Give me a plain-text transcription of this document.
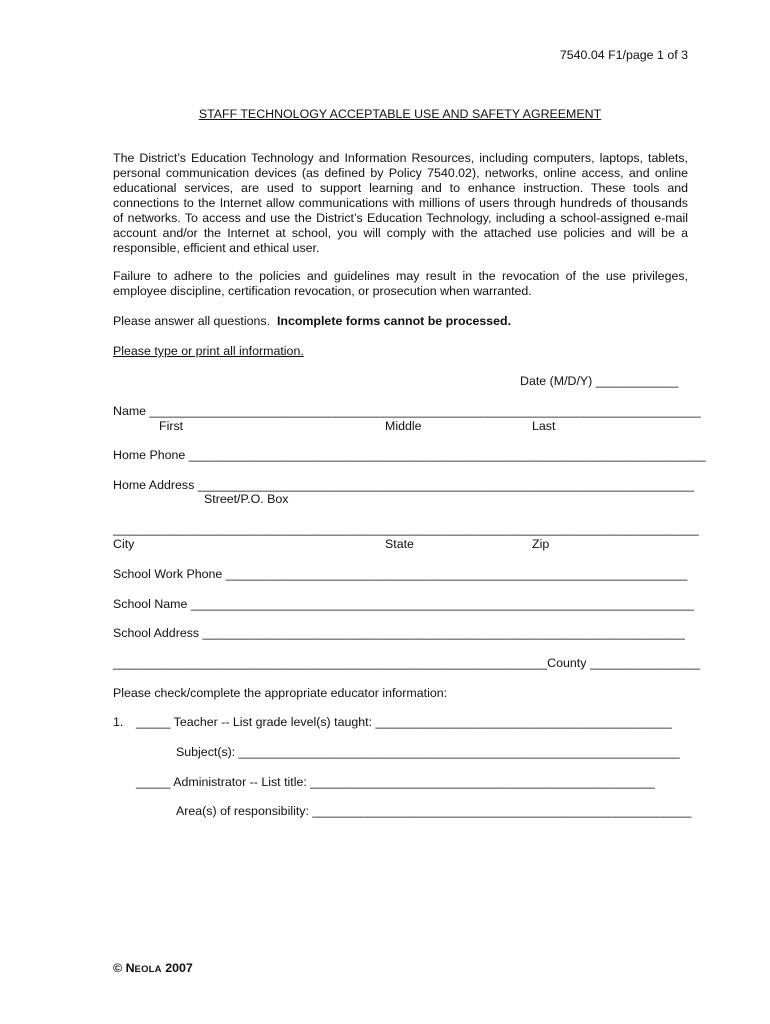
7540.04 F1/page 1 of 3
STAFF TECHNOLOGY ACCEPTABLE USE AND SAFETY AGREEMENT
The District’s Education Technology and Information Resources, including computers, laptops, tablets, personal communication devices (as defined by Policy 7540.02), networks, online access, and online educational services, are used to support learning and to enhance instruction. These tools and connections to the Internet allow communications with millions of users through hundreds of thousands of networks. To access and use the District’s Education Technology, including a school-assigned e-mail account and/or the Internet at school, you will comply with the attached use policies and will be a responsible, efficient and ethical user.
Failure to adhere to the policies and guidelines may result in the revocation of the use privileges, employee discipline, certification revocation, or prosecution when warranted.
Please answer all questions. Incomplete forms cannot be processed.
Please type or print all information.
Date (M/D/Y) ____________
Name ________________________________________________________________________________
First	Middle	Last
Home Phone ___________________________________________________________________________
Home Address ________________________________________________________________________
Street/P.O. Box
_____________________________________________________________________________________
City	State	Zip
School Work Phone ___________________________________________________________________
School Name _________________________________________________________________________
School Address ______________________________________________________________________
_______________________________________________________________County ________________
Please check/complete the appropriate educator information:
1. _____ Teacher -- List grade level(s) taught: ___________________________________________
Subject(s): ________________________________________________________________
_____ Administrator -- List title: __________________________________________________
Area(s) of responsibility: _______________________________________________________
© NEOLA 2007
